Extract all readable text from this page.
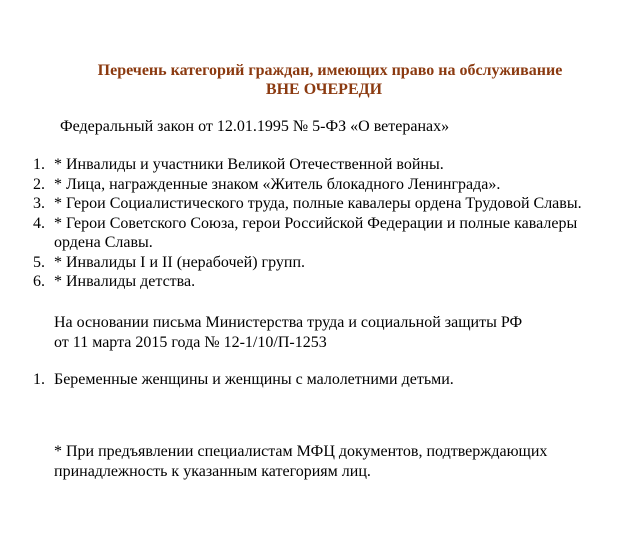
Перечень категорий граждан, имеющих право на обслуживание
ВНЕ ОЧЕРЕДИ
Федеральный закон от 12.01.1995 № 5-ФЗ «О ветеранах»
1. * Инвалиды и участники Великой Отечественной войны.
2. * Лица, награжденные знаком «Житель блокадного Ленинграда».
3. * Герои Социалистического труда, полные кавалеры ордена Трудовой Славы.
4. * Герои Советского Союза, герои Российской Федерации и полные кавалеры
ордена Славы.
5. * Инвалиды I и II (нерабочей) групп.
6. * Инвалиды детства.
На основании письма Министерства труда и социальной защиты РФ
от 11 марта 2015 года № 12-1/10/П-1253
1. Беременные женщины и женщины с малолетними детьми.
* При предъявлении специалистам МФЦ документов, подтверждающих
принадлежность к указанным категориям лиц.
